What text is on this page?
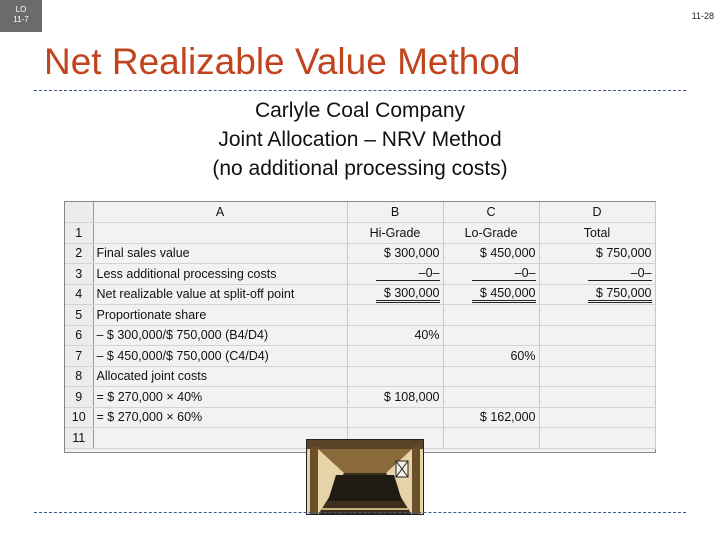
LO
11-7	11-28
Net Realizable Value Method
Carlyle Coal Company
Joint Allocation – NRV Method
(no additional processing costs)
	A	B	C	D
1		Hi-Grade	Lo-Grade	Total
2	Final sales value	$ 300,000	$ 450,000	$ 750,000
3	Less additional processing costs	–0–	–0–	–0–
4	Net realizable value at split-off point	$ 300,000	$ 450,000	$ 750,000
5	Proportionate share			
6	– $ 300,000/$ 750,000 (B4/D4)	40%		
7	– $ 450,000/$ 750,000 (C4/D4)		60%	
8	Allocated joint costs			
9	= $ 270,000 × 40%	$ 108,000		
10	= $ 270,000 × 60%		$ 162,000	
11				
